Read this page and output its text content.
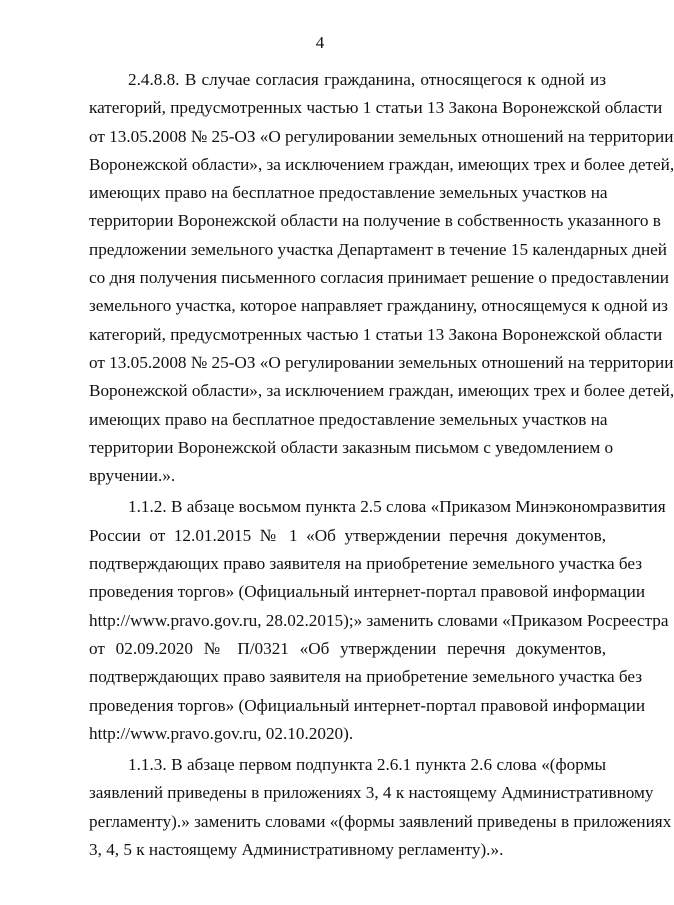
4
2.4.8.8. В случае согласия гражданина, относящегося к одной из
категорий, предусмотренных частью 1 статьи 13 Закона Воронежской области
от 13.05.2008 № 25-ОЗ «О регулировании земельных отношений на территории
Воронежской области», за исключением граждан, имеющих трех и более детей,
имеющих право на бесплатное предоставление земельных участков на
территории Воронежской области на получение в собственность указанного в
предложении земельного участка Департамент в течение 15 календарных дней
со дня получения письменного согласия принимает решение о предоставлении
земельного участка, которое направляет гражданину, относящемуся к одной из
категорий, предусмотренных частью 1 статьи 13 Закона Воронежской области
от 13.05.2008 № 25-ОЗ «О регулировании земельных отношений на территории
Воронежской области», за исключением граждан, имеющих трех и более детей,
имеющих право на бесплатное предоставление земельных участков на
территории Воронежской области заказным письмом с уведомлением о
вручении.».
1.1.2. В абзаце восьмом пункта 2.5 слова «Приказом Минэкономразвития
России от 12.01.2015 № 1 «Об утверждении перечня документов,
подтверждающих право заявителя на приобретение земельного участка без
проведения торгов» (Официальный интернет-портал правовой информации
http://www.pravo.gov.ru, 28.02.2015);» заменить словами «Приказом Росреестра
от 02.09.2020 № П/0321 «Об утверждении перечня документов,
подтверждающих право заявителя на приобретение земельного участка без
проведения торгов» (Официальный интернет-портал правовой информации
http://www.pravo.gov.ru, 02.10.2020).
1.1.3. В абзаце первом подпункта 2.6.1 пункта 2.6 слова «(формы
заявлений приведены в приложениях 3, 4 к настоящему Административному
регламенту).» заменить словами «(формы заявлений приведены в приложениях
3, 4, 5 к настоящему Административному регламенту).».
